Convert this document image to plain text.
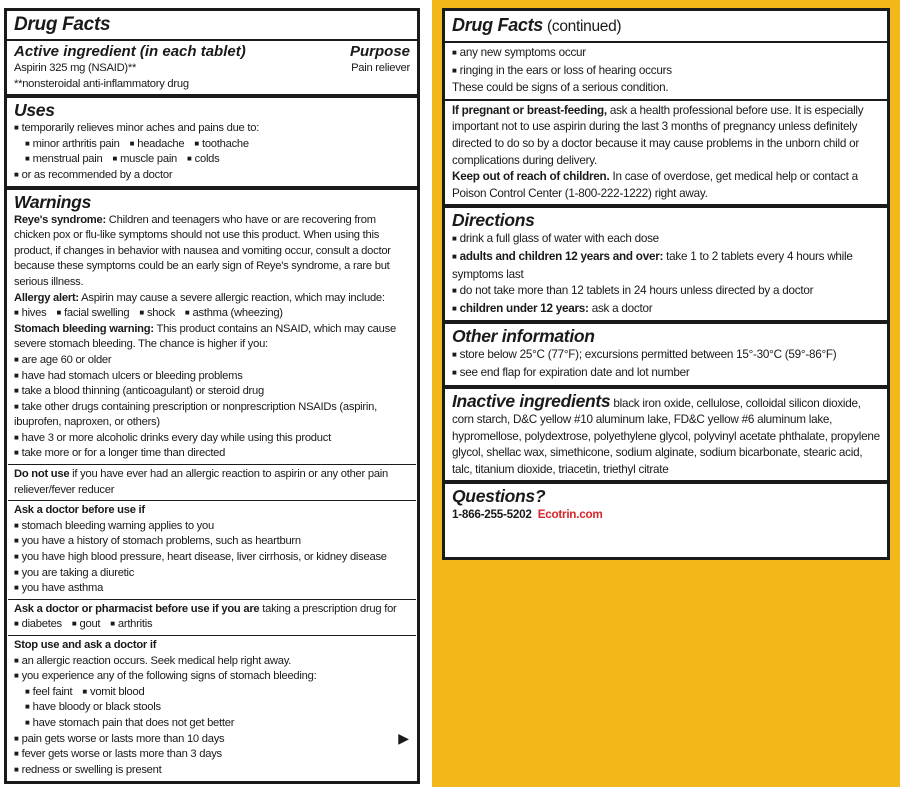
Drug Facts
Active ingredient (in each tablet)	Purpose
Aspirin 325 mg (NSAID)**	Pain reliever
**nonsteroidal anti-inflammatory drug
Uses
■ temporarily relieves minor aches and pains due to:
■ minor arthritis pain	■ headache	■ toothache
■ menstrual pain	■ muscle pain	■ colds
■ or as recommended by a doctor
Warnings
Reye's syndrome: Children and teenagers who have or are recovering from chicken pox or flu-like symptoms should not use this product. When using this product, if changes in behavior with nausea and vomiting occur, consult a doctor because these symptoms could be an early sign of Reye's syndrome, a rare but serious illness.
Allergy alert: Aspirin may cause a severe allergic reaction, which may include:
■ hives	■ facial swelling	■ shock	■ asthma (wheezing)
Stomach bleeding warning: This product contains an NSAID, which may cause severe stomach bleeding. The chance is higher if you:
■ are age 60 or older
■ have had stomach ulcers or bleeding problems
■ take a blood thinning (anticoagulant) or steroid drug
■ take other drugs containing prescription or nonprescription NSAIDs (aspirin, ibuprofen, naproxen, or others)
■ have 3 or more alcoholic drinks every day while using this product
■ take more or for a longer time than directed
Do not use if you have ever had an allergic reaction to aspirin or any other pain reliever/fever reducer
Ask a doctor before use if
■ stomach bleeding warning applies to you
■ you have a history of stomach problems, such as heartburn
■ you have high blood pressure, heart disease, liver cirrhosis, or kidney disease
■ you are taking a diuretic
■ you have asthma
Ask a doctor or pharmacist before use if you are taking a prescription drug for
■ diabetes	■ gout	■ arthritis
Stop use and ask a doctor if
■ an allergic reaction occurs. Seek medical help right away.
■ you experience any of the following signs of stomach bleeding:
■ feel faint	■ vomit blood
■ have bloody or black stools
■ have stomach pain that does not get better
■ pain gets worse or lasts more than 10 days
■ fever gets worse or lasts more than 3 days
■ redness or swelling is present
▶
Drug Facts (continued)
■ any new symptoms occur
■ ringing in the ears or loss of hearing occurs
These could be signs of a serious condition.
If pregnant or breast-feeding, ask a health professional before use. It is especially important not to use aspirin during the last 3 months of pregnancy unless definitely directed to do so by a doctor because it may cause problems in the unborn child or complications during delivery.
Keep out of reach of children. In case of overdose, get medical help or contact a Poison Control Center (1-800-222-1222) right away.
Directions
■ drink a full glass of water with each dose
■ adults and children 12 years and over: take 1 to 2 tablets every 4 hours while symptoms last
■ do not take more than 12 tablets in 24 hours unless directed by a doctor
■ children under 12 years: ask a doctor
Other information
■ store below 25°C (77°F); excursions permitted between 15°-30°C (59°-86°F)
■ see end flap for expiration date and lot number
Inactive ingredients black iron oxide, cellulose, colloidal silicon dioxide, corn starch, D&C yellow #10 aluminum lake, FD&C yellow #6 aluminum lake, hypromellose, polydextrose, polyethylene glycol, polyvinyl acetate phthalate, propylene glycol, shellac wax, simethicone, sodium alginate, sodium bicarbonate, stearic acid, talc, titanium dioxide, triacetin, triethyl citrate
Questions?
1-866-255-5202 Ecotrin.com
